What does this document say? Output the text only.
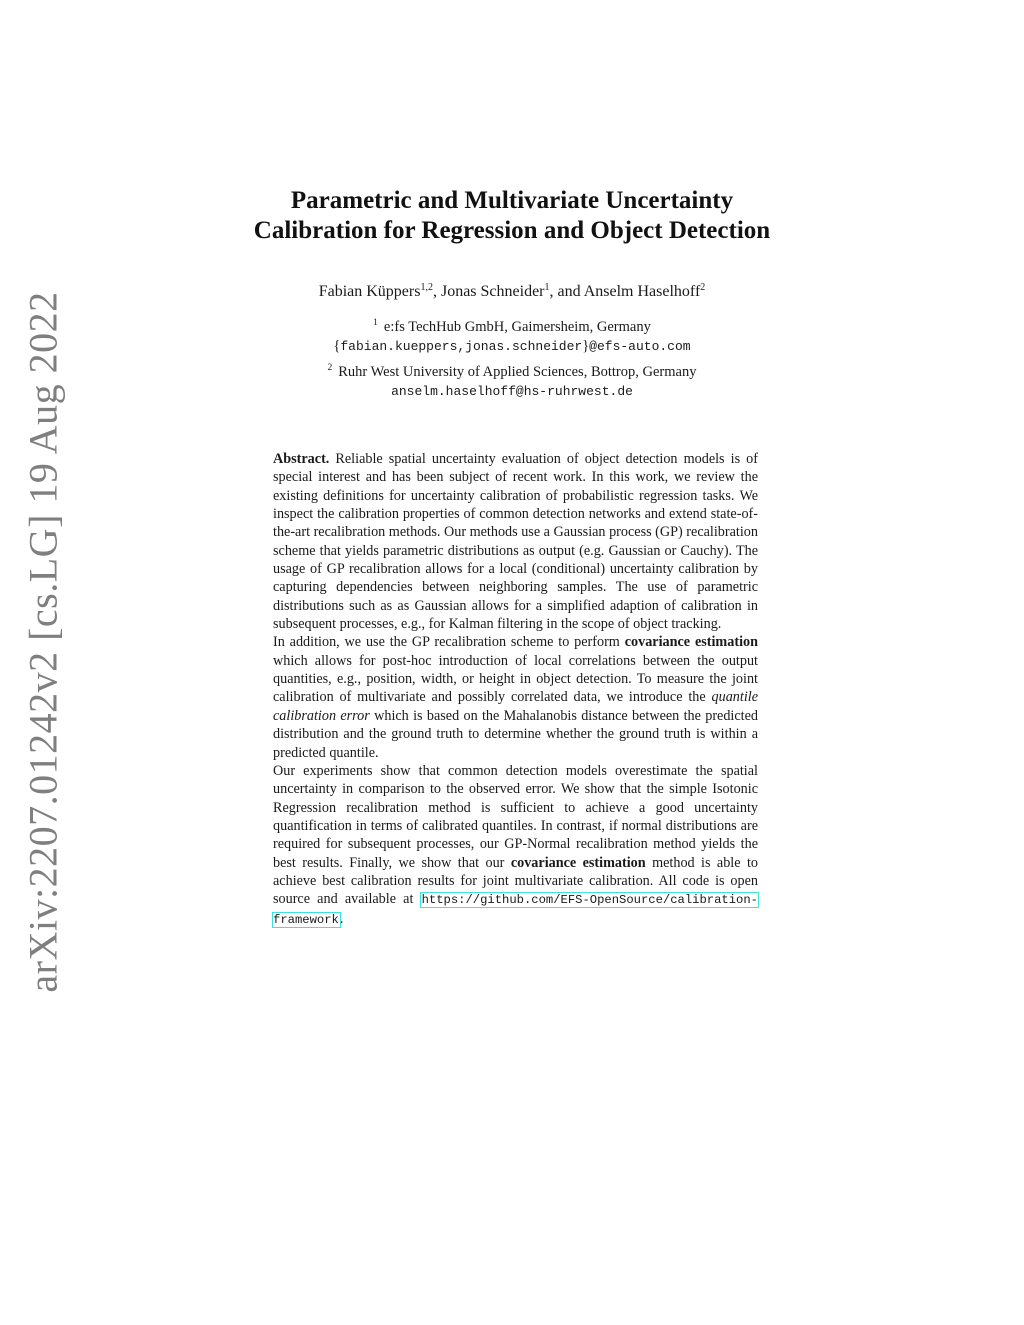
arXiv:2207.01242v2 [cs.LG] 19 Aug 2022
Parametric and Multivariate Uncertainty
Calibration for Regression and Object Detection
Fabian Küppers$^{1,2}$, Jonas Schneider$^1$, and Anselm Haselhoff$^2$
$^1$ e:fs TechHub GmbH, Gaimersheim, Germany
{fabian.kueppers,jonas.schneider}@efs-auto.com
$^2$ Ruhr West University of Applied Sciences, Bottrop, Germany
anselm.haselhoff@hs-ruhrwest.de

Abstract. Reliable spatial uncertainty evaluation of object detection models is of special interest and has been subject of recent work. In this work, we review the existing definitions for uncertainty calibration of probabilistic regression tasks. We inspect the calibration properties of common detection networks and extend state-of-the-art recalibration methods. Our methods use a Gaussian process (GP) recalibration scheme that yields parametric distributions as output (e.g. Gaussian or Cauchy). The usage of GP recalibration allows for a local (conditional) uncertainty calibration by capturing dependencies between neighboring samples. The use of parametric distributions such as as Gaussian allows for a simplified adaption of calibration in subsequent processes, e.g., for Kalman filtering in the scope of object tracking.

In addition, we use the GP recalibration scheme to perform covariance estimation which allows for post-hoc introduction of local correlations between the output quantities, e.g., position, width, or height in object detection. To measure the joint calibration of multivariate and possibly correlated data, we introduce the quantile calibration error which is based on the Mahalanobis distance between the predicted distribution and the ground truth to determine whether the ground truth is within a predicted quantile.

Our experiments show that common detection models overestimate the spatial uncertainty in comparison to the observed error. We show that the simple Isotonic Regression recalibration method is sufficient to achieve a good uncertainty quantification in terms of calibrated quantiles. In contrast, if normal distributions are required for subsequent processes, our GP-Normal recalibration method yields the best results. Finally, we show that our covariance estimation method is able to achieve best calibration results for joint multivariate calibration. All code is open source and available at https://github.com/EFS-OpenSource/calibration-framework.
